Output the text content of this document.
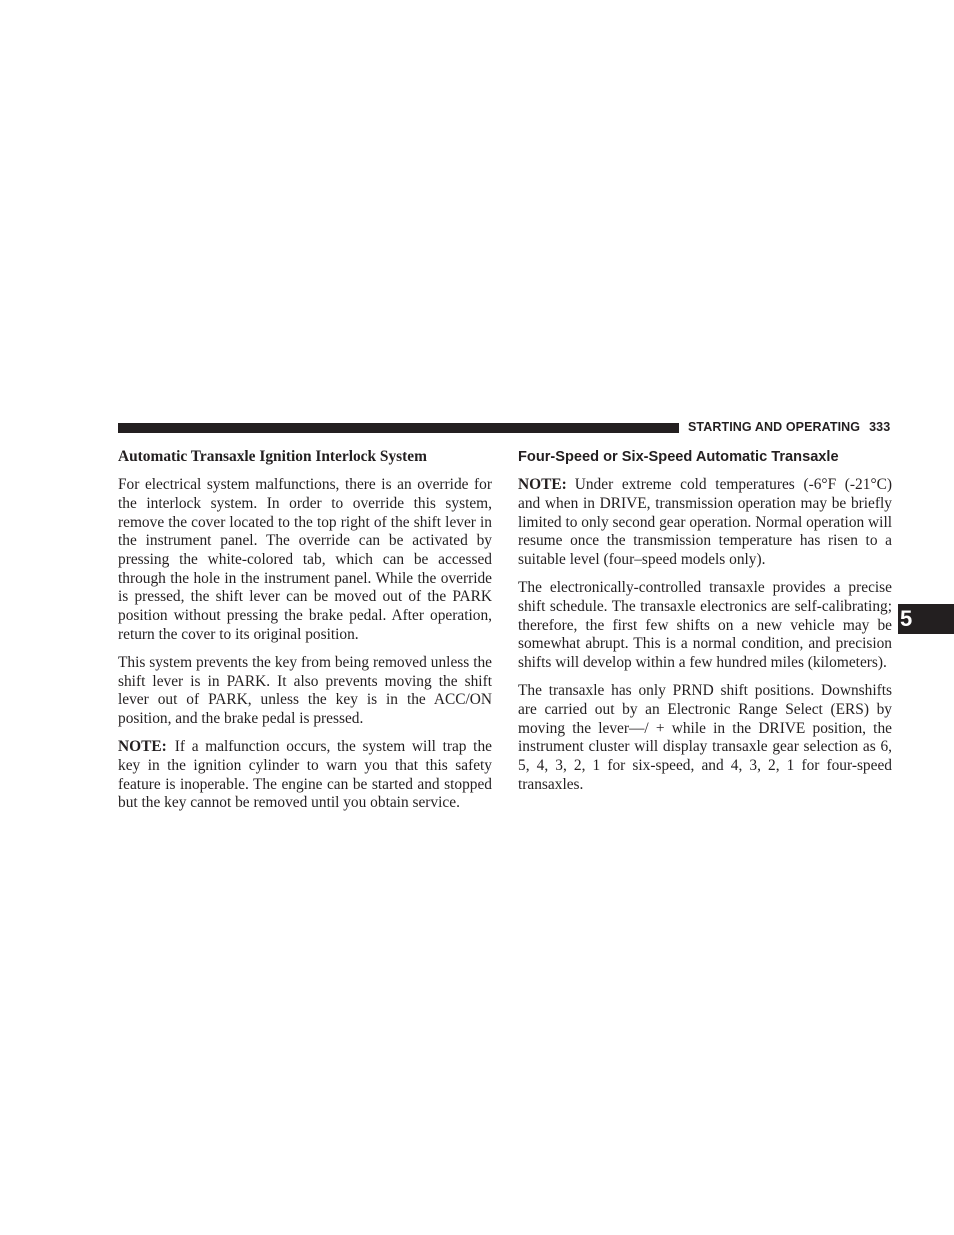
STARTING AND OPERATING 333

Automatic Transaxle Ignition Interlock System

For electrical system malfunctions, there is an override for the interlock system. In order to override this system, remove the cover located to the top right of the shift lever in the instrument panel. The override can be activated by pressing the white-colored tab, which can be accessed through the hole in the instrument panel. While the override is pressed, the shift lever can be moved out of the PARK position without pressing the brake pedal. After operation, return the cover to its original position.

This system prevents the key from being removed unless the shift lever is in PARK. It also prevents moving the shift lever out of PARK, unless the key is in the ACC/ON position, and the brake pedal is pressed.

NOTE: If a malfunction occurs, the system will trap the key in the ignition cylinder to warn you that this safety feature is inoperable. The engine can be started and stopped but the key cannot be removed until you obtain service.

Four-Speed or Six-Speed Automatic Transaxle

NOTE: Under extreme cold temperatures (-6°F (-21°C) and when in DRIVE, transmission operation may be briefly limited to only second gear operation. Normal operation will resume once the transmission temperature has risen to a suitable level (four–speed models only).

The electronically-controlled transaxle provides a precise shift schedule. The transaxle electronics are self-calibrating; therefore, the first few shifts on a new vehicle may be somewhat abrupt. This is a normal condition, and precision shifts will develop within a few hundred miles (kilometers).

The transaxle has only PRND shift positions. Downshifts are carried out by an Electronic Range Select (ERS) by moving the lever—/ + while in the DRIVE position, the instrument cluster will display transaxle gear selection as 6, 5, 4, 3, 2, 1 for six-speed, and 4, 3, 2, 1 for four-speed transaxles.

5
